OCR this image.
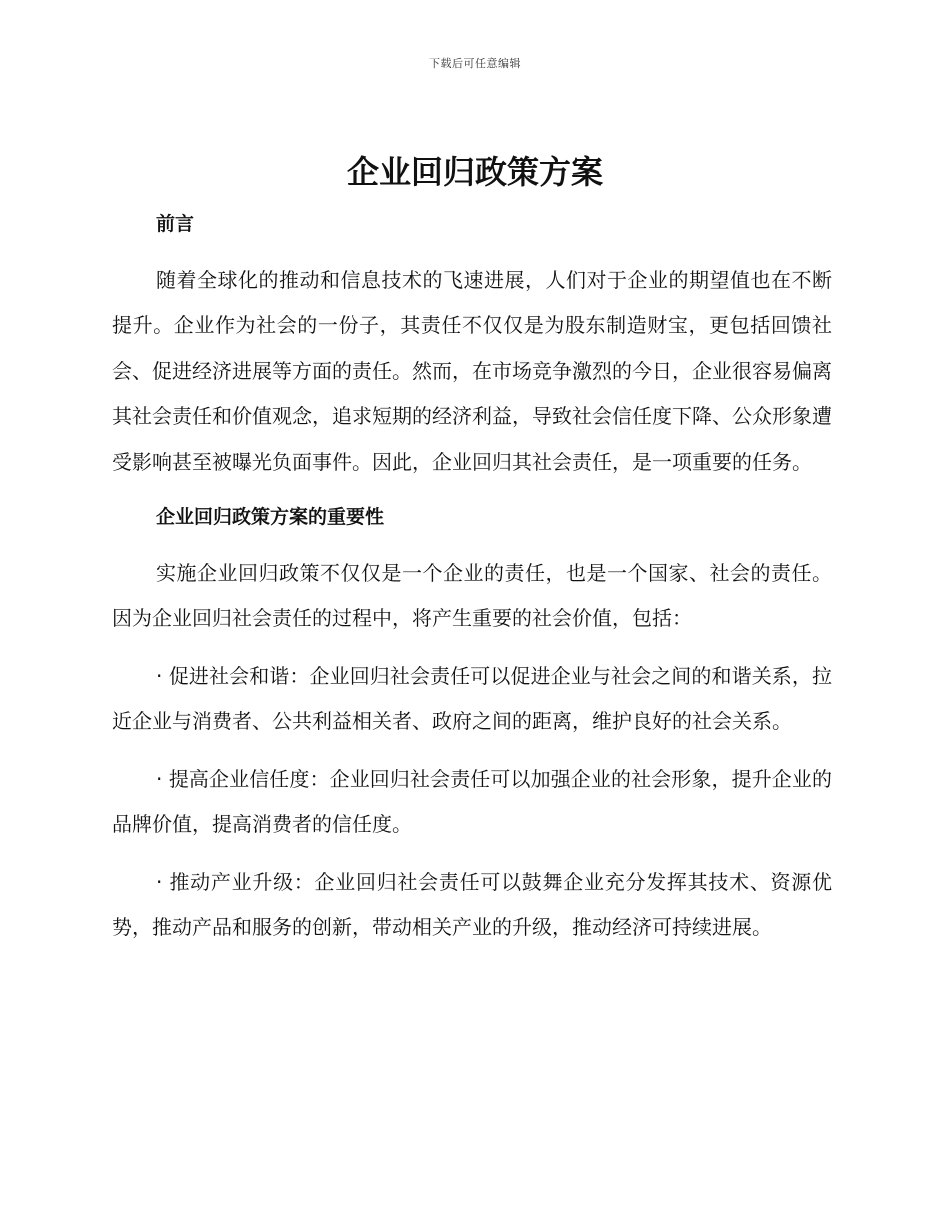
下载后可任意编辑
企业回归政策方案

前言

随着全球化的推动和信息技术的飞速进展，人们对于企业的期望值也在不断提升。企业作为社会的一份子，其责任不仅仅是为股东制造财宝，更包括回馈社会、促进经济进展等方面的责任。然而，在市场竞争激烈的今日，企业很容易偏离其社会责任和价值观念，追求短期的经济利益，导致社会信任度下降、公众形象遭受影响甚至被曝光负面事件。因此，企业回归其社会责任，是一项重要的任务。

企业回归政策方案的重要性

实施企业回归政策不仅仅是一个企业的责任，也是一个国家、社会的责任。因为企业回归社会责任的过程中，将产生重要的社会价值，包括：

· 促进社会和谐：企业回归社会责任可以促进企业与社会之间的和谐关系，拉近企业与消费者、公共利益相关者、政府之间的距离，维护良好的社会关系。

· 提高企业信任度：企业回归社会责任可以加强企业的社会形象，提升企业的品牌价值，提高消费者的信任度。

· 推动产业升级：企业回归社会责任可以鼓舞企业充分发挥其技术、资源优势，推动产品和服务的创新，带动相关产业的升级，推动经济可持续进展。
